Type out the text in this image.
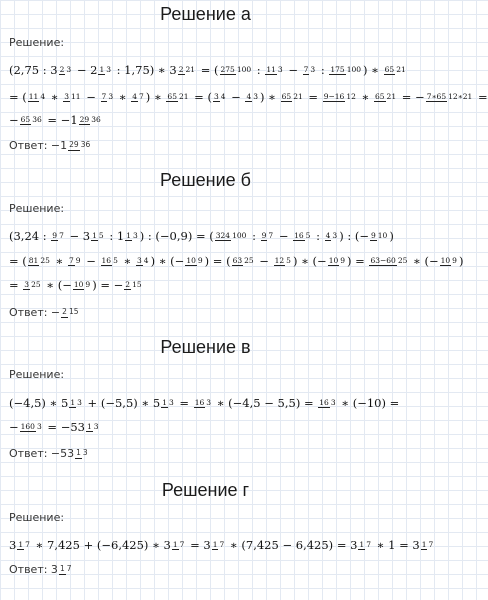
Решение а
Решение:
(2,75 : 3 2 3 − 2 1 3 : 1,75) ∗ 3 2 21 = ( 275 100 : 11 3 − 7 3 : 175 100 ) ∗ 65 21
= ( 11 4 ∗ 3 11 − 7 3 ∗ 4 7 ) ∗ 65 21 = ( 3 4 − 4 3 ) ∗ 65 21 = 9−16 12 ∗ 65 21 = − 7∗65 12∗21 =
− 65 36 = −1 29 36
Ответ: −1 29 36
Решение б
Решение:
(3,24 : 9 7 − 3 1 5 : 1 1 3 ) : (−0,9) = ( 324 100 : 9 7 − 16 5 : 4 3 ) : (− 9 10 )
= ( 81 25 ∗ 7 9 − 16 5 ∗ 3 4 ) ∗ (− 10 9 ) = ( 63 25 − 12 5 ) ∗ (− 10 9 ) = 63−60 25 ∗ (− 10 9 )
= 3 25 ∗ (− 10 9 ) = − 2 15
Ответ: − 2 15
Решение в
Решение:
(−4,5) ∗ 5 1 3 + (−5,5) ∗ 5 1 3 = 16 3 ∗ (−4,5 − 5,5) = 16 3 ∗ (−10) =
− 160 3 = −53 1 3
Ответ: −53 1 3
Решение г
Решение:
3 1 7 ∗ 7,425 + (−6,425) ∗ 3 1 7 = 3 1 7 ∗ (7,425 − 6,425) = 3 1 7 ∗ 1 = 3 1 7
Ответ: 3 1 7
